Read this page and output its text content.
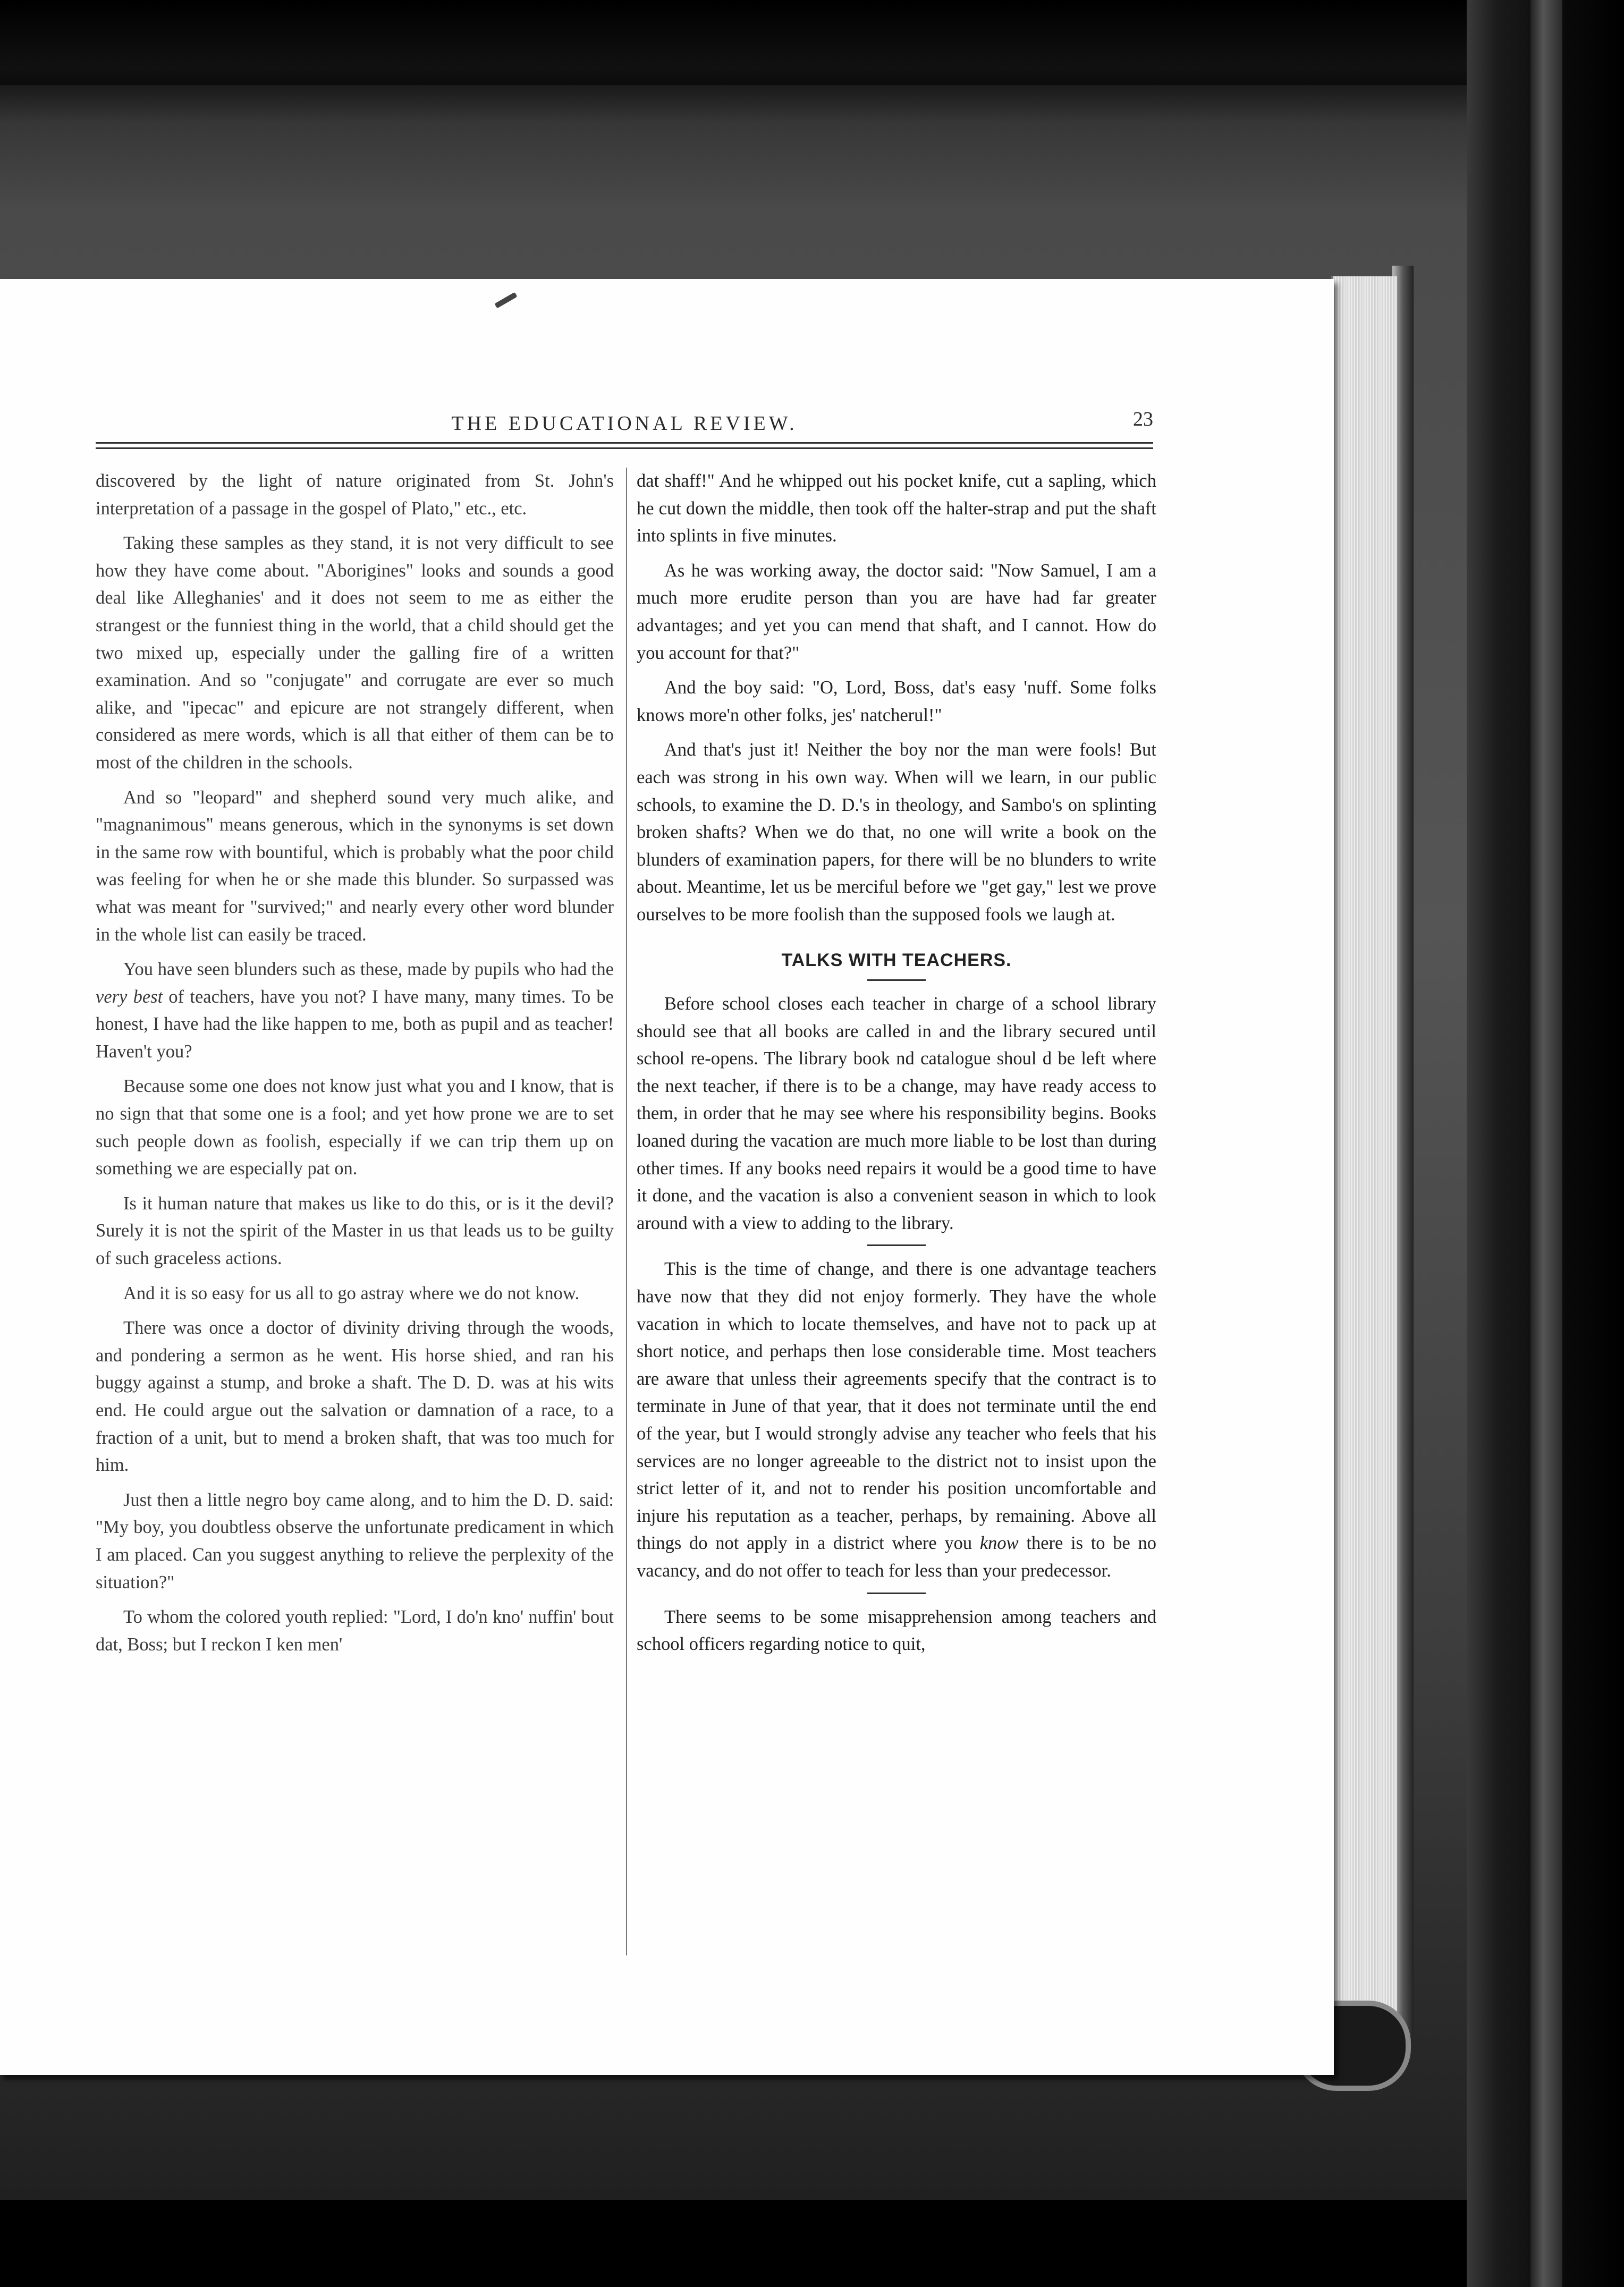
THE EDUCATIONAL REVIEW.	23

discovered by the light of nature originated from St. John's interpretation of a passage in the gospel of Plato," etc., etc.

Taking these samples as they stand, it is not very difficult to see how they have come about. "Aborigines" looks and sounds a good deal like Alleghanies' and it does not seem to me as either the strangest or the funniest thing in the world, that a child should get the two mixed up, especially under the galling fire of a written examination. And so "conjugate" and corrugate are ever so much alike, and "ipecac" and epicure are not strangely different, when considered as mere words, which is all that either of them can be to most of the children in the schools.

And so "leopard" and shepherd sound very much alike, and "magnanimous" means generous, which in the synonyms is set down in the same row with bountiful, which is probably what the poor child was feeling for when he or she made this blunder. So surpassed was what was meant for "survived;" and nearly every other word blunder in the whole list can easily be traced.

You have seen blunders such as these, made by pupils who had the very best of teachers, have you not? I have many, many times. To be honest, I have had the like happen to me, both as pupil and as teacher! Haven't you?

Because some one does not know just what you and I know, that is no sign that that some one is a fool; and yet how prone we are to set such people down as foolish, especially if we can trip them up on something we are especially pat on.

Is it human nature that makes us like to do this, or is it the devil? Surely it is not the spirit of the Master in us that leads us to be guilty of such graceless actions.

And it is so easy for us all to go astray where we do not know.

There was once a doctor of divinity driving through the woods, and pondering a sermon as he went. His horse shied, and ran his buggy against a stump, and broke a shaft. The D. D. was at his wits end. He could argue out the salvation or damnation of a race, to a fraction of a unit, but to mend a broken shaft, that was too much for him.

Just then a little negro boy came along, and to him the D. D. said: "My boy, you doubtless observe the unfortunate predicament in which I am placed. Can you suggest anything to relieve the perplexity of the situation?"

To whom the colored youth replied: "Lord, I do'n kno' nuffin' bout dat, Boss; but I reckon I ken men'

dat shaff!" And he whipped out his pocket knife, cut a sapling, which he cut down the middle, then took off the halter-strap and put the shaft into splints in five minutes.

As he was working away, the doctor said: "Now Samuel, I am a much more erudite person than you are have had far greater advantages; and yet you can mend that shaft, and I cannot. How do you account for that?"

And the boy said: "O, Lord, Boss, dat's easy 'nuff. Some folks knows more'n other folks, jes' natcherul!"

And that's just it! Neither the boy nor the man were fools! But each was strong in his own way. When will we learn, in our public schools, to examine the D. D.'s in theology, and Sambo's on splinting broken shafts? When we do that, no one will write a book on the blunders of examination papers, for there will be no blunders to write about. Meantime, let us be merciful before we "get gay," lest we prove ourselves to be more foolish than the supposed fools we laugh at.

TALKS WITH TEACHERS.

Before school closes each teacher in charge of a school library should see that all books are called in and the library secured until school re-opens. The library book nd catalogue shoul d be left where the next teacher, if there is to be a change, may have ready access to them, in order that he may see where his responsibility begins. Books loaned during the vacation are much more liable to be lost than during other times. If any books need repairs it would be a good time to have it done, and the vacation is also a convenient season in which to look around with a view to adding to the library.

This is the time of change, and there is one advantage teachers have now that they did not enjoy formerly. They have the whole vacation in which to locate themselves, and have not to pack up at short notice, and perhaps then lose considerable time. Most teachers are aware that unless their agreements specify that the contract is to terminate in June of that year, that it does not terminate until the end of the year, but I would strongly advise any teacher who feels that his services are no longer agreeable to the district not to insist upon the strict letter of it, and not to render his position uncomfortable and injure his reputation as a teacher, perhaps, by remaining. Above all things do not apply in a district where you know there is to be no vacancy, and do not offer to teach for less than your predecessor.

There seems to be some misapprehension among teachers and school officers regarding notice to quit,
